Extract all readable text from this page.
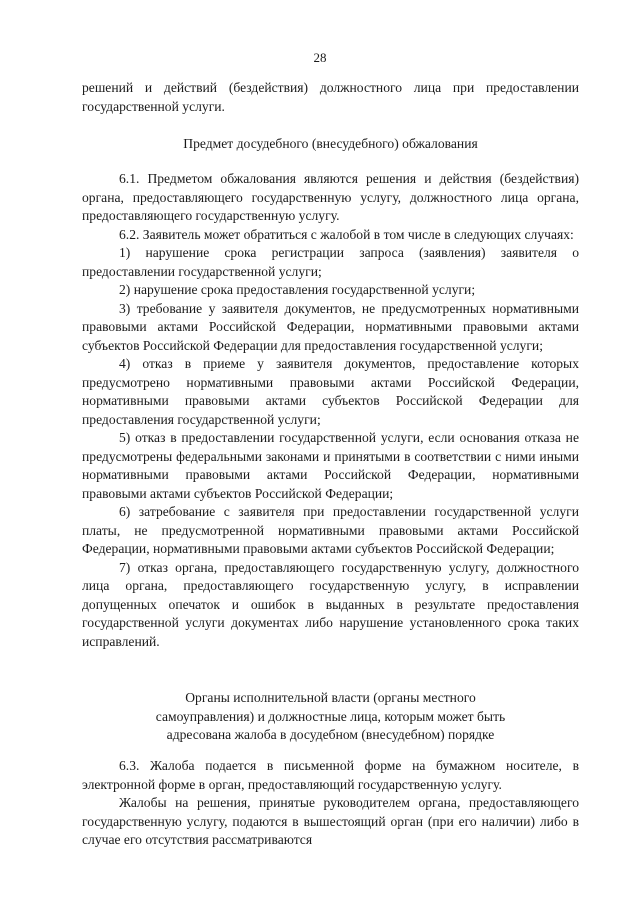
28

решений и действий (бездействия) должностного лица при предоставлении государственной услуги.

Предмет досудебного (внесудебного) обжалования

6.1. Предметом обжалования являются решения и действия (бездействия) органа, предоставляющего государственную услугу, должностного лица органа, предоставляющего государственную услугу.

6.2. Заявитель может обратиться с жалобой в том числе в следующих случаях:

1) нарушение срока регистрации запроса (заявления) заявителя о предоставлении государственной услуги;

2) нарушение срока предоставления государственной услуги;

3) требование у заявителя документов, не предусмотренных нормативными правовыми актами Российской Федерации, нормативными правовыми актами субъектов Российской Федерации для предоставления государственной услуги;

4) отказ в приеме у заявителя документов, предоставление которых предусмотрено нормативными правовыми актами Российской Федерации, нормативными правовыми актами субъектов Российской Федерации для предоставления государственной услуги;

5) отказ в предоставлении государственной услуги, если основания отказа не предусмотрены федеральными законами и принятыми в соответствии с ними иными нормативными правовыми актами Российской Федерации, нормативными правовыми актами субъектов Российской Федерации;

6) затребование с заявителя при предоставлении государственной услуги платы, не предусмотренной нормативными правовыми актами Российской Федерации, нормативными правовыми актами субъектов Российской Федерации;

7) отказ органа, предоставляющего государственную услугу, должностного лица органа, предоставляющего государственную услугу, в исправлении допущенных опечаток и ошибок в выданных в результате предоставления государственной услуги документах либо нарушение установленного срока таких исправлений.

Органы исполнительной власти (органы местного

самоуправления) и должностные лица, которым может быть

адресована жалоба в досудебном (внесудебном) порядке

6.3. Жалоба подается в письменной форме на бумажном носителе, в электронной форме в орган, предоставляющий государственную услугу.

Жалобы на решения, принятые руководителем органа, предоставляющего государственную услугу, подаются в вышестоящий орган (при его наличии) либо в случае его отсутствия рассматриваются
